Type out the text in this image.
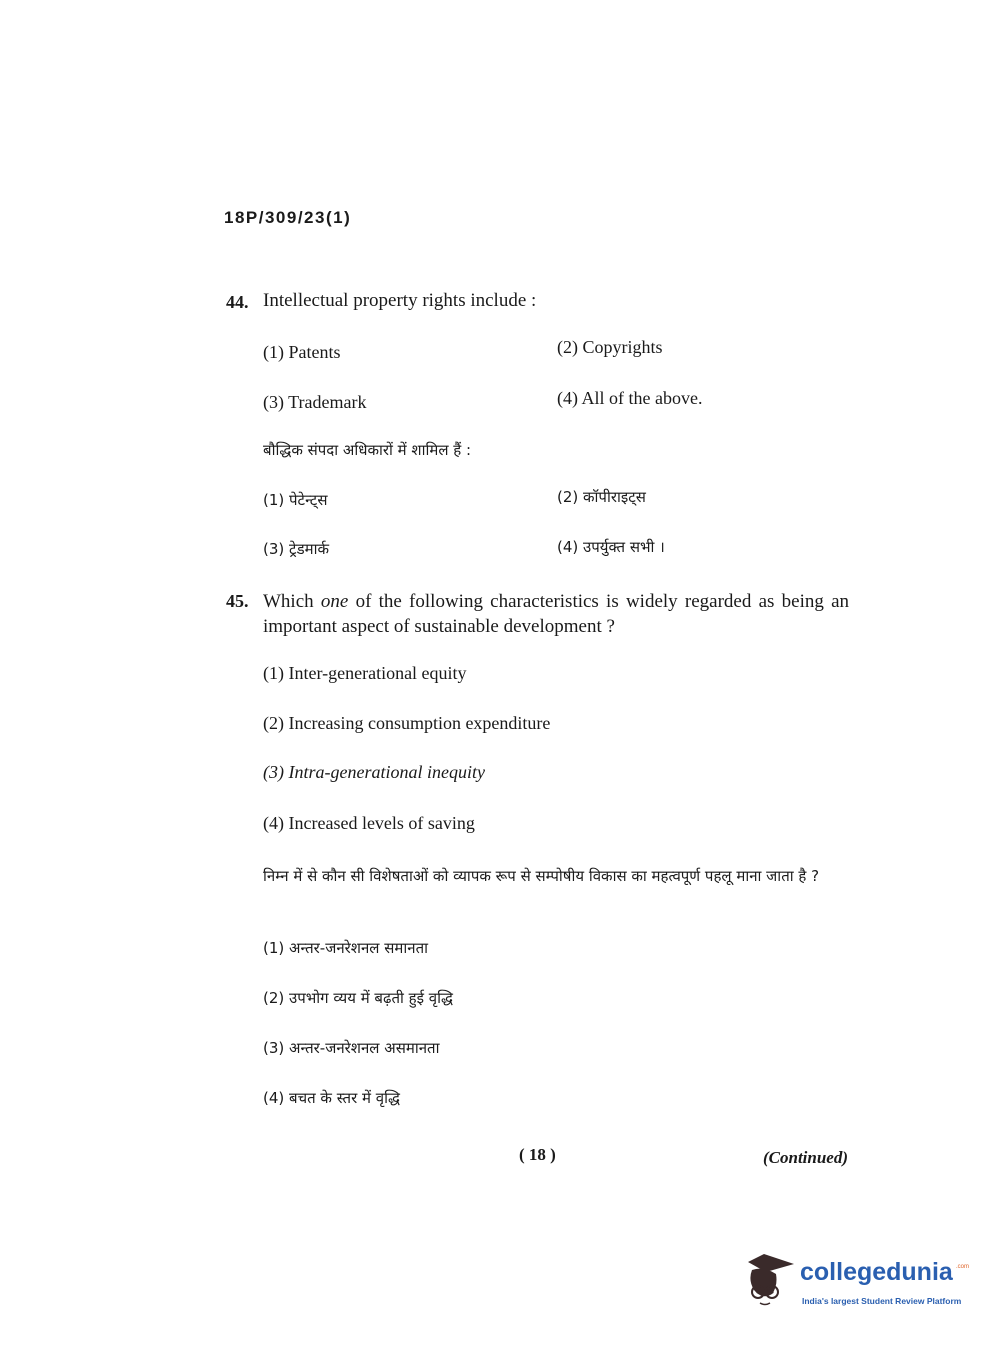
18P/309/23(1)
44. Intellectual property rights include :
(1) Patents	(2) Copyrights
(3) Trademark	(4) All of the above.
बौद्धिक संपदा अधिकारों में शामिल हैं :
(1) पेटेन्ट्स	(2) कॉपीराइट्स
(3) ट्रेडमार्क	(4) उपर्युक्त सभी ।
45. Which one of the following characteristics is widely regarded as being an important aspect of sustainable development ?
(1) Inter-generational equity
(2) Increasing consumption expenditure
(3) Intra-generational inequity
(4) Increased levels of saving
निम्न में से कौन सी विशेषताओं को व्यापक रूप से सम्पोषीय विकास का महत्वपूर्ण पहलू माना जाता है ?
(1) अन्तर-जनरेशनल समानता
(2) उपभोग व्यय में बढ़ती हुई वृद्धि
(3) अन्तर-जनरेशनल असमानता
(4) बचत के स्तर में वृद्धि
( 18 )	(Continued)
collegedunia .com
India's largest Student Review Platform
